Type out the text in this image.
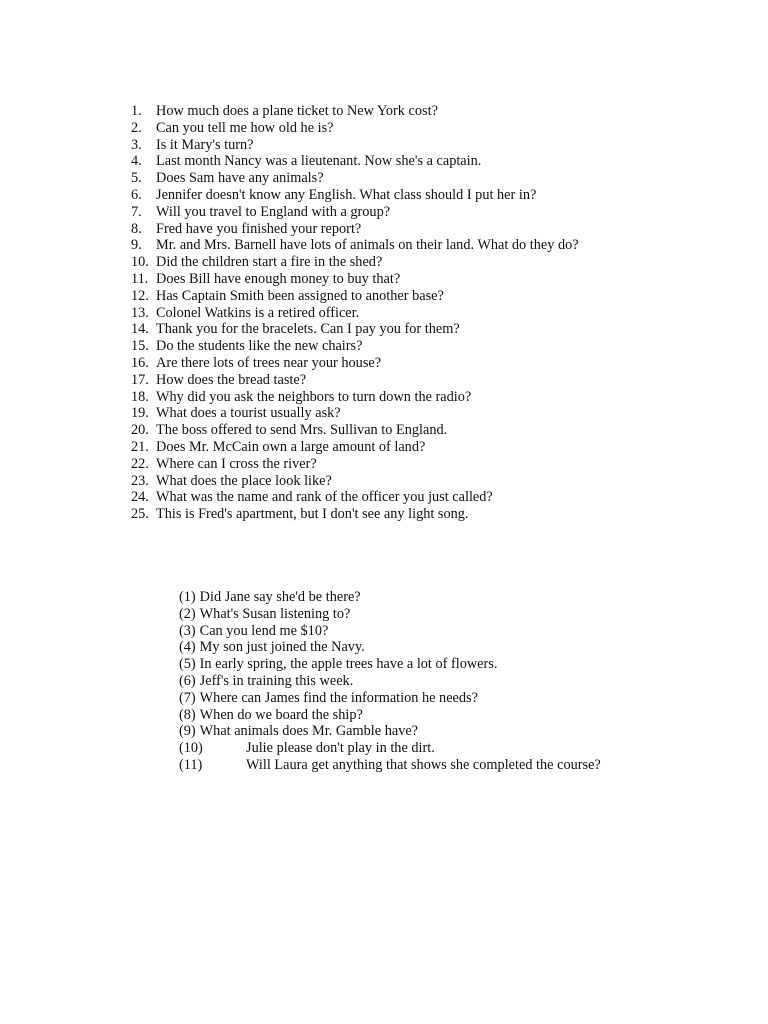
1. How much does a plane ticket to New York cost?
2. Can you tell me how old he is?
3. Is it Mary's turn?
4. Last month Nancy was a lieutenant. Now she's a captain.
5. Does Sam have any animals?
6. Jennifer doesn't know any English. What class should I put her in?
7. Will you travel to England with a group?
8. Fred have you finished your report?
9. Mr. and Mrs. Barnell have lots of animals on their land. What do they do?
10. Did the children start a fire in the shed?
11. Does Bill have enough money to buy that?
12. Has Captain Smith been assigned to another base?
13. Colonel Watkins is a retired officer.
14. Thank you for the bracelets. Can I pay you for them?
15. Do the students like the new chairs?
16. Are there lots of trees near your house?
17. How does the bread taste?
18. Why did you ask the neighbors to turn down the radio?
19. What does a tourist usually ask?
20. The boss offered to send Mrs. Sullivan to England.
21. Does Mr. McCain own a large amount of land?
22. Where can I cross the river?
23. What does the place look like?
24. What was the name and rank of the officer you just called?
25. This is Fred's apartment, but I don't see any light song.
(1) Did Jane say she'd be there?
(2) What's Susan listening to?
(3) Can you lend me $10?
(4) My son just joined the Navy.
(5) In early spring, the apple trees have a lot of flowers.
(6) Jeff's in training this week.
(7) Where can James find the information he needs?
(8) When do we board the ship?
(9) What animals does Mr. Gamble have?
(10)	Julie please don't play in the dirt.
(11)	Will Laura get anything that shows she completed the course?
